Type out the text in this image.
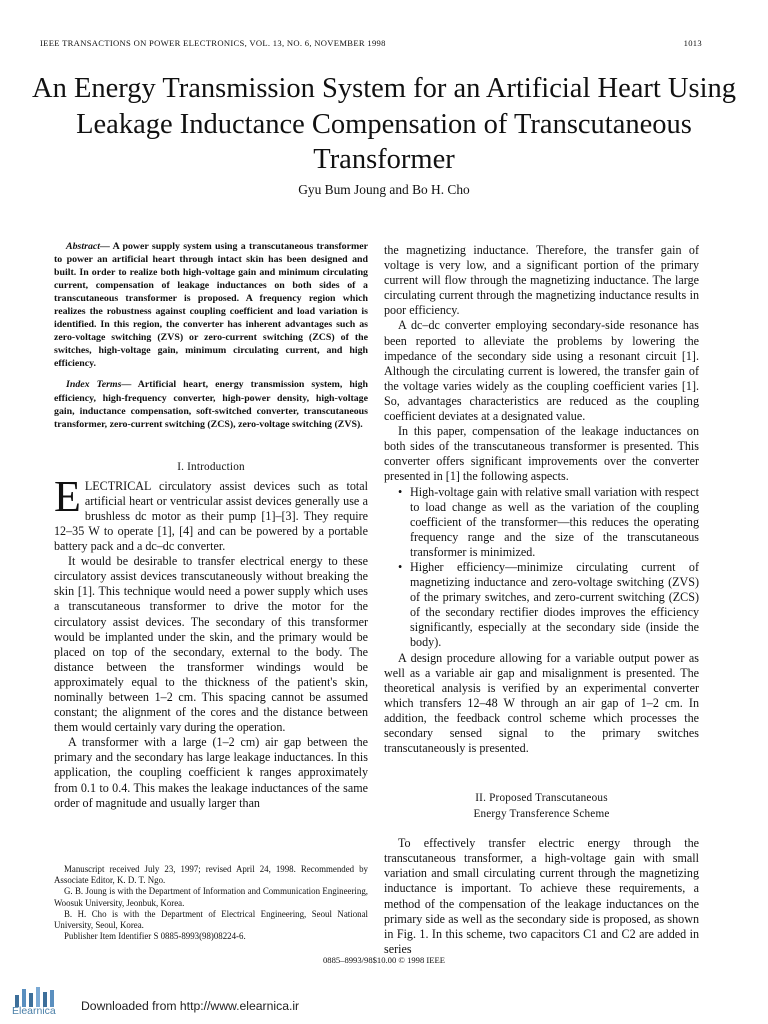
IEEE TRANSACTIONS ON POWER ELECTRONICS, VOL. 13, NO. 6, NOVEMBER 1998	1013
An Energy Transmission System for an Artificial Heart Using Leakage Inductance Compensation of Transcutaneous Transformer
Gyu Bum Joung and Bo H. Cho

Abstract— A power supply system using a transcutaneous transformer to power an artificial heart through intact skin has been designed and built. In order to realize both high-voltage gain and minimum circulating current, compensation of leakage inductances on both sides of a transcutaneous transformer is proposed. A frequency region which realizes the robustness against coupling coefficient and load variation is identified. In this region, the converter has inherent advantages such as zero-voltage switching (ZVS) or zero-current switching (ZCS) of the switches, high-voltage gain, minimum circulating current, and high efficiency.

Index Terms— Artificial heart, energy transmission system, high efficiency, high-frequency converter, high-power density, high-voltage gain, inductance compensation, soft-switched converter, transcutaneous transformer, zero-current switching (ZCS), zero-voltage switching (ZVS).

I. Introduction

ELECTRICAL circulatory assist devices such as total artificial heart or ventricular assist devices generally use a brushless dc motor as their pump [1]–[3]. They require 12–35 W to operate [1], [4] and can be powered by a portable battery pack and a dc–dc converter.

It would be desirable to transfer electrical energy to these circulatory assist devices transcutaneously without breaking the skin [1]. This technique would need a power supply which uses a transcutaneous transformer to drive the motor for the circulatory assist devices. The secondary of this transformer would be implanted under the skin, and the primary would be placed on top of the secondary, external to the body. The distance between the transformer windings would be approximately equal to the thickness of the patient's skin, nominally between 1–2 cm. This spacing cannot be assumed constant; the alignment of the cores and the distance between them would certainly vary during the operation.

A transformer with a large (1–2 cm) air gap between the primary and the secondary has large leakage inductances. In this application, the coupling coefficient k ranges approximately from 0.1 to 0.4. This makes the leakage inductances of the same order of magnitude and usually larger than

Manuscript received July 23, 1997; revised April 24, 1998. Recommended by Associate Editor, K. D. T. Ngo.

G. B. Joung is with the Department of Information and Communication Engineering, Woosuk University, Jeonbuk, Korea.

B. H. Cho is with the Department of Electrical Engineering, Seoul National University, Seoul, Korea.

Publisher Item Identifier S 0885-8993(98)08224-6.

the magnetizing inductance. Therefore, the transfer gain of voltage is very low, and a significant portion of the primary current will flow through the magnetizing inductance. The large circulating current through the magnetizing inductance results in poor efficiency.

A dc–dc converter employing secondary-side resonance has been reported to alleviate the problems by lowering the impedance of the secondary side using a resonant circuit [1]. Although the circulating current is lowered, the transfer gain of the voltage varies widely as the coupling coefficient varies [1]. So, advantages characteristics are reduced as the coupling coefficient deviates at a designated value.

In this paper, compensation of the leakage inductances on both sides of the transcutaneous transformer is presented. This converter offers significant improvements over the converter presented in [1] the following aspects.

• High-voltage gain with relative small variation with respect to load change as well as the variation of the coupling coefficient of the transformer—this reduces the operating frequency range and the size of the transcutaneous transformer is minimized.
• Higher efficiency—minimize circulating current of magnetizing inductance and zero-voltage switching (ZVS) of the primary switches, and zero-current switching (ZCS) of the secondary rectifier diodes improves the efficiency significantly, especially at the secondary side (inside the body).

A design procedure allowing for a variable output power as well as a variable air gap and misalignment is presented. The theoretical analysis is verified by an experimental converter which transfers 12–48 W through an air gap of 1–2 cm. In addition, the feedback control scheme which processes the secondary sensed signal to the primary switches transcutaneously is presented.

II. Proposed Transcutaneous
Energy Transference Scheme

To effectively transfer electric energy through the transcutaneous transformer, a high-voltage gain with small variation and small circulating current through the magnetizing inductance is important. To achieve these requirements, a method of the compensation of the leakage inductances on the primary side as well as the secondary side is proposed, as shown in Fig. 1. In this scheme, two capacitors C1 and C2 are added in series

0885–8993/98$10.00 © 1998 IEEE
Elearnica Downloaded from http://www.elearnica.ir
